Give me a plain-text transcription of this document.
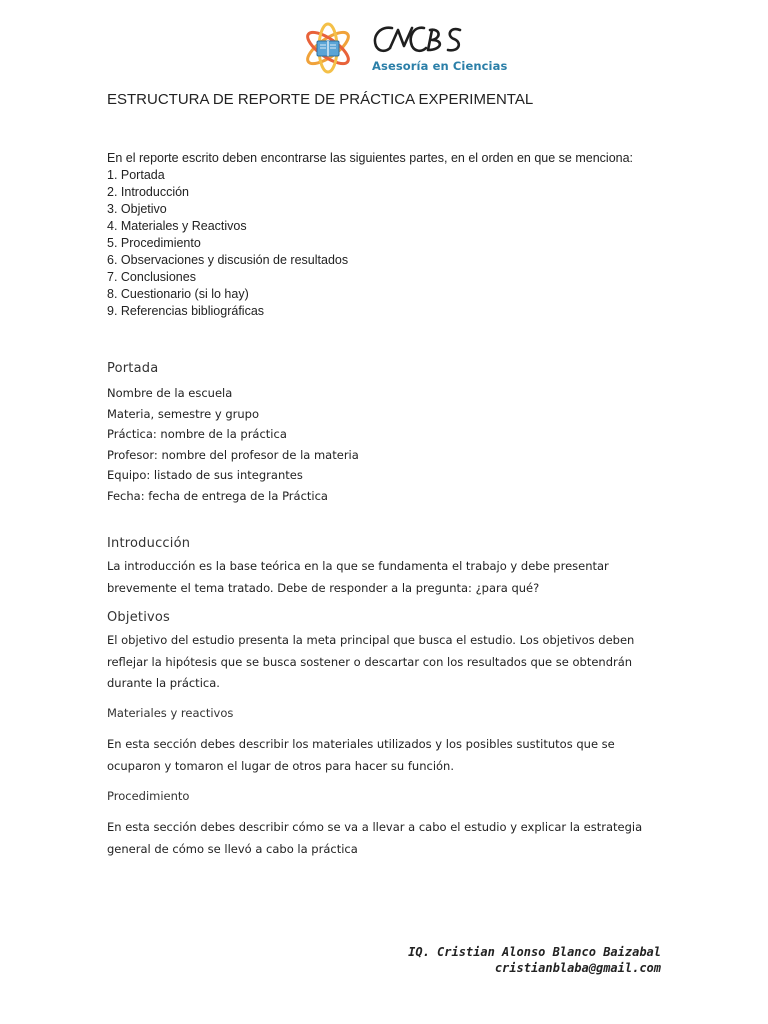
Asesoría en Ciencias
ESTRUCTURA DE REPORTE DE PRÁCTICA EXPERIMENTAL
En el reporte escrito deben encontrarse las siguientes partes, en el orden en que se menciona:
1. Portada
2. Introducción
3. Objetivo
4. Materiales y Reactivos
5. Procedimiento
6. Observaciones y discusión de resultados
7. Conclusiones
8. Cuestionario (si lo hay)
9. Referencias bibliográficas
Portada
Nombre de la escuela
Materia, semestre y grupo
Práctica: nombre de la práctica
Profesor: nombre del profesor de la materia
Equipo: listado de sus integrantes
Fecha: fecha de entrega de la Práctica
Introducción

La introducción es la base teórica en la que se fundamenta el trabajo y debe presentar brevemente el tema tratado. Debe de responder a la pregunta: ¿para qué?

Objetivos

El objetivo del estudio presenta la meta principal que busca el estudio. Los objetivos deben reflejar la hipótesis que se busca sostener o descartar con los resultados que se obtendrán durante la práctica.

Materiales y reactivos

En esta sección debes describir los materiales utilizados y los posibles sustitutos que se ocuparon y tomaron el lugar de otros para hacer su función.

Procedimiento

En esta sección debes describir cómo se va a llevar a cabo el estudio y explicar la estrategia general de cómo se llevó a cabo la práctica

IQ. Cristian Alonso Blanco Baizabal
cristianblaba@gmail.com
